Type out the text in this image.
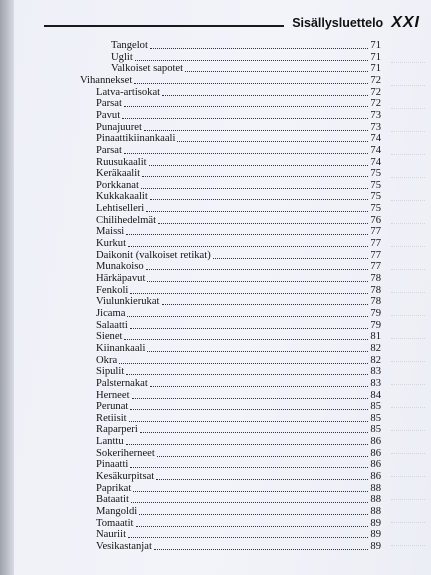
Sisällysluettelo XXI
Tangelot	71
Uglit	71
Valkoiset sapotet	71
Vihannekset	72
Latva-artisokat	72
Parsat	72
Pavut	73
Punajuuret	73
Pinaattikiinankaali	74
Parsat	74
Ruusukaalit	74
Keräkaalit	75
Porkkanat	75
Kukkakaalit	75
Lehtiselleri	75
Chilihedelmät	76
Maissi	77
Kurkut	77
Daikonit (valkoiset retikat)	77
Munakoiso	77
Härkäpavut	78
Fenkoli	78
Viulunkierukat	78
Jicama	79
Salaatti	79
Sienet	81
Kiinankaali	82
Okra	82
Sipulit	83
Palsternakat	83
Herneet	84
Perunat	85
Retiisit	85
Raparperi	85
Lanttu	86
Sokeriherneet	86
Pinaatti	86
Kesäkurpitsat	86
Paprikat	88
Bataatit	88
Mangoldi	88
Tomaatit	89
Nauriit	89
Vesikastanjat	89
